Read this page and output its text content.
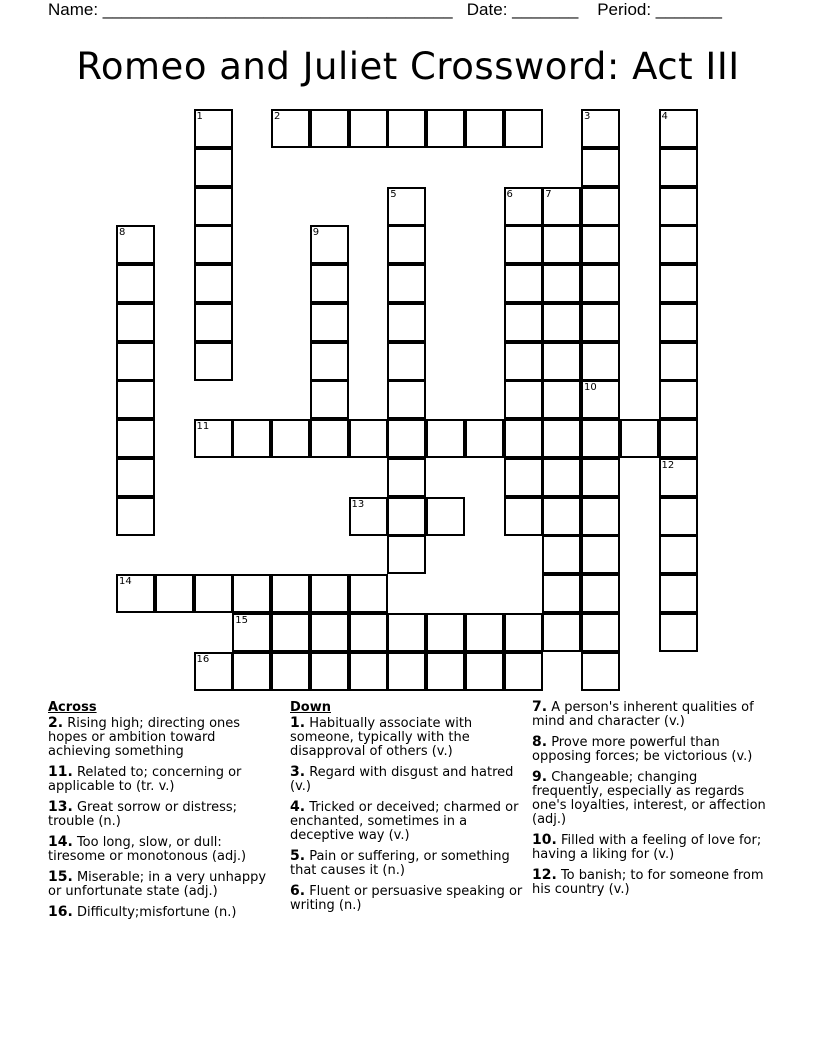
Name: _____________________________________   Date: _______    Period: _______
Romeo and Juliet Crossword: Act III
1	2	3
10
4
12
5	6	7
8	9
11
13
14
15
16
Across
2. Rising high; directing ones hopes or ambition toward achieving something
11. Related to; concerning or applicable to (tr. v.)
13. Great sorrow or distress; trouble (n.)
14. Too long, slow, or dull: tiresome or monotonous (adj.)
15. Miserable; in a very unhappy or unfortunate state (adj.)
16. Difficulty;misfortune (n.)
Down
1. Habitually associate with someone, typically with the disapproval of others (v.)
3. Regard with disgust and hatred (v.)
4. Tricked or deceived; charmed or enchanted, sometimes in a deceptive way (v.)
5. Pain or suffering, or something that causes it (n.)
6. Fluent or persuasive speaking or writing (n.)
7. A person's inherent qualities of mind and character (v.)
8. Prove more powerful than opposing forces; be victorious (v.)
9. Changeable; changing frequently, especially as regards one's loyalties, interest, or affection (adj.)
10. Filled with a feeling of love for; having a liking for (v.)
12. To banish; to for someone from his country (v.)
